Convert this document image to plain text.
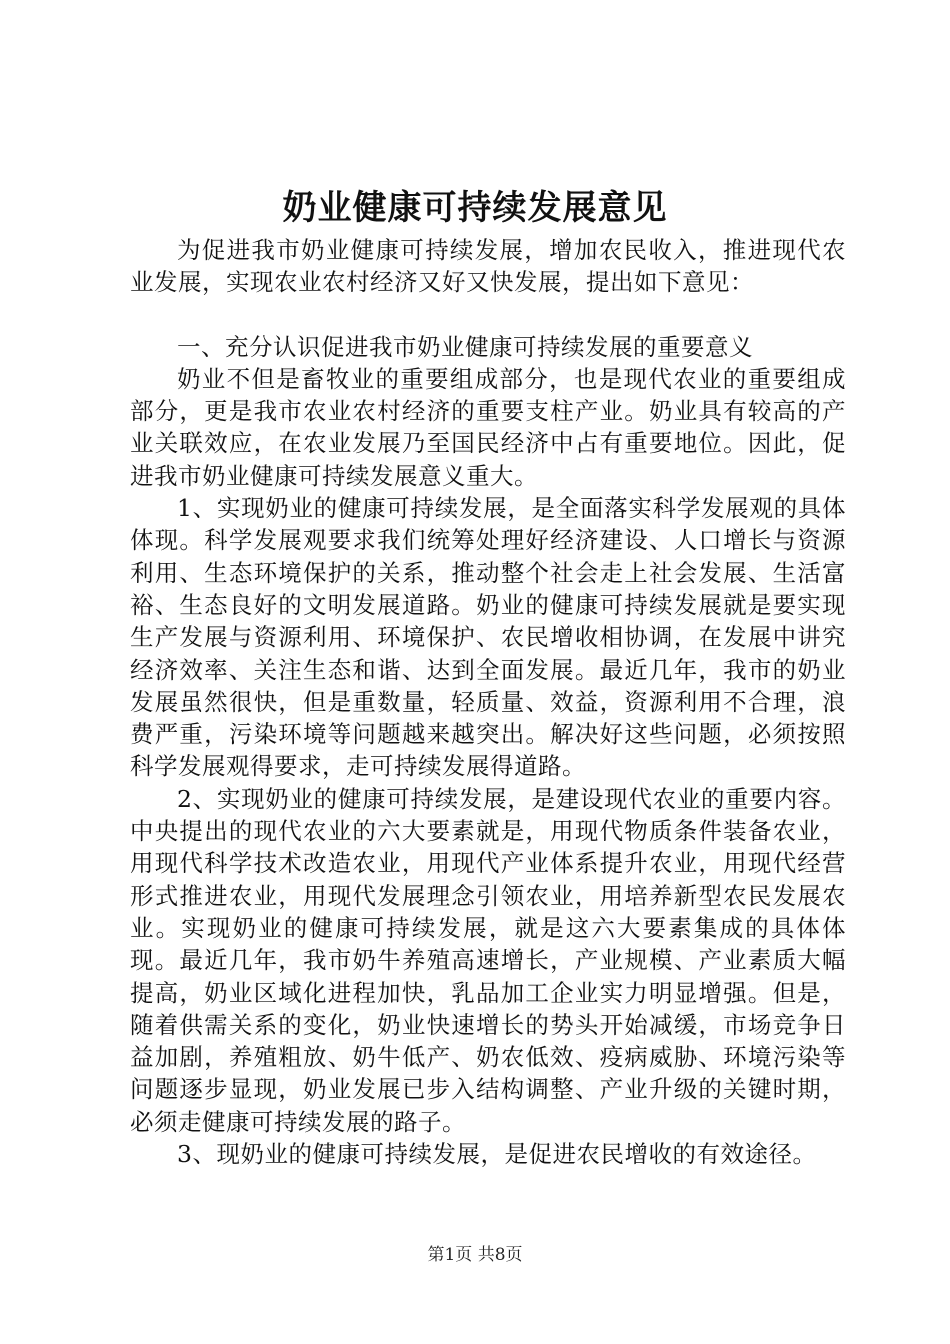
奶业健康可持续发展意见

为促进我市奶业健康可持续发展，增加农民收入，推进现代农业发展，实现农业农村经济又好又快发展，提出如下意见：

一、充分认识促进我市奶业健康可持续发展的重要意义

奶业不但是畜牧业的重要组成部分，也是现代农业的重要组成部分，更是我市农业农村经济的重要支柱产业。奶业具有较高的产业关联效应，在农业发展乃至国民经济中占有重要地位。因此，促进我市奶业健康可持续发展意义重大。

1、实现奶业的健康可持续发展，是全面落实科学发展观的具体体现。科学发展观要求我们统筹处理好经济建设、人口增长与资源利用、生态环境保护的关系，推动整个社会走上社会发展、生活富裕、生态良好的文明发展道路。奶业的健康可持续发展就是要实现生产发展与资源利用、环境保护、农民增收相协调，在发展中讲究经济效率、关注生态和谐、达到全面发展。最近几年，我市的奶业发展虽然很快，但是重数量，轻质量、效益，资源利用不合理，浪费严重，污染环境等问题越来越突出。解决好这些问题，必须按照科学发展观得要求，走可持续发展得道路。

2、实现奶业的健康可持续发展，是建设现代农业的重要内容。中央提出的现代农业的六大要素就是，用现代物质条件装备农业，用现代科学技术改造农业，用现代产业体系提升农业，用现代经营形式推进农业，用现代发展理念引领农业，用培养新型农民发展农业。实现奶业的健康可持续发展，就是这六大要素集成的具体体现。最近几年，我市奶牛养殖高速增长，产业规模、产业素质大幅提高，奶业区域化进程加快，乳品加工企业实力明显增强。但是，随着供需关系的变化，奶业快速增长的势头开始减缓，市场竞争日益加剧，养殖粗放、奶牛低产、奶农低效、疫病威胁、环境污染等问题逐步显现，奶业发展已步入结构调整、产业升级的关键时期，必须走健康可持续发展的路子。

3、现奶业的健康可持续发展，是促进农民增收的有效途径。

第1页 共8页
